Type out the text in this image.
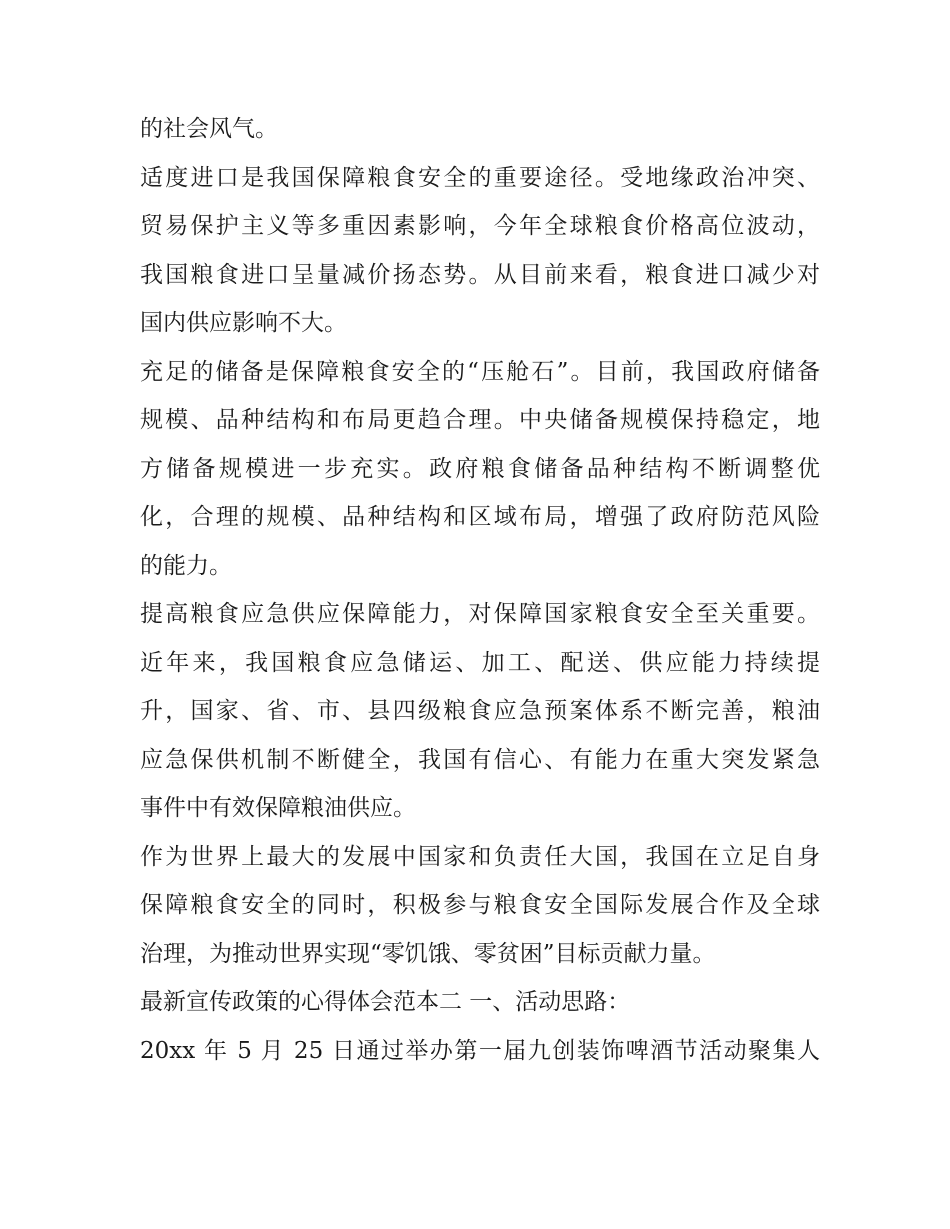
的社会风气。
适度进口是我国保障粮食安全的重要途径。受地缘政治冲突、
贸易保护主义等多重因素影响，今年全球粮食价格高位波动，
我国粮食进口呈量减价扬态势。从目前来看，粮食进口减少对
国内供应影响不大。
充足的储备是保障粮食安全的“压舱石”。目前，我国政府储备
规模、品种结构和布局更趋合理。中央储备规模保持稳定，地
方储备规模进一步充实。政府粮食储备品种结构不断调整优
化，合理的规模、品种结构和区域布局，增强了政府防范风险
的能力。
提高粮食应急供应保障能力，对保障国家粮食安全至关重要。
近年来，我国粮食应急储运、加工、配送、供应能力持续提
升，国家、省、市、县四级粮食应急预案体系不断完善，粮油
应急保供机制不断健全，我国有信心、有能力在重大突发紧急
事件中有效保障粮油供应。
作为世界上最大的发展中国家和负责任大国，我国在立足自身
保障粮食安全的同时，积极参与粮食安全国际发展合作及全球
治理，为推动世界实现“零饥饿、零贫困”目标贡献力量。
最新宣传政策的心得体会范本二 一、活动思路：
20xx 年 5 月 25 日通过举办第一届九创装饰啤酒节活动聚集人
